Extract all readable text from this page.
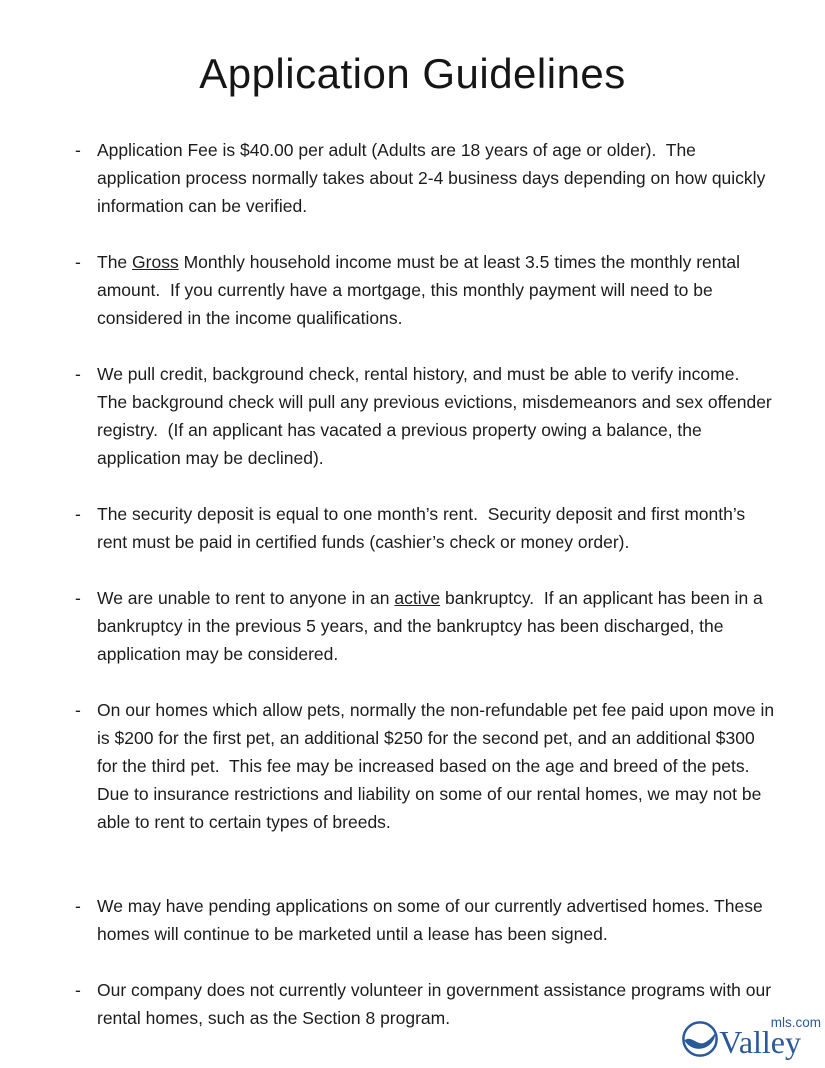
Application Guidelines
- Application Fee is $40.00 per adult (Adults are 18 years of age or older).  The application process normally takes about 2-4 business days depending on how quickly information can be verified.

- The Gross Monthly household income must be at least 3.5 times the monthly rental amount.  If you currently have a mortgage, this monthly payment will need to be considered in the income qualifications.

- We pull credit, background check, rental history, and must be able to verify income.  The background check will pull any previous evictions, misdemeanors and sex offender registry.  (If an applicant has vacated a previous property owing a balance, the application may be declined).

- The security deposit is equal to one month’s rent.  Security deposit and first month’s rent must be paid in certified funds (cashier’s check or money order).

- We are unable to rent to anyone in an active bankruptcy.  If an applicant has been in a bankruptcy in the previous 5 years, and the bankruptcy has been discharged, the application may be considered.

- On our homes which allow pets, normally the non-refundable pet fee paid upon move in is $200 for the first pet, an additional $250 for the second pet, and an additional $300 for the third pet.  This fee may be increased based on the age and breed of the pets.  Due to insurance restrictions and liability on some of our rental homes, we may not be able to rent to certain types of breeds.

- We may have pending applications on some of our currently advertised homes. These homes will continue to be marketed until a lease has been signed.

- Our company does not currently volunteer in government assistance programs with our rental homes, such as the Section 8 program.

Valley
mls.com
